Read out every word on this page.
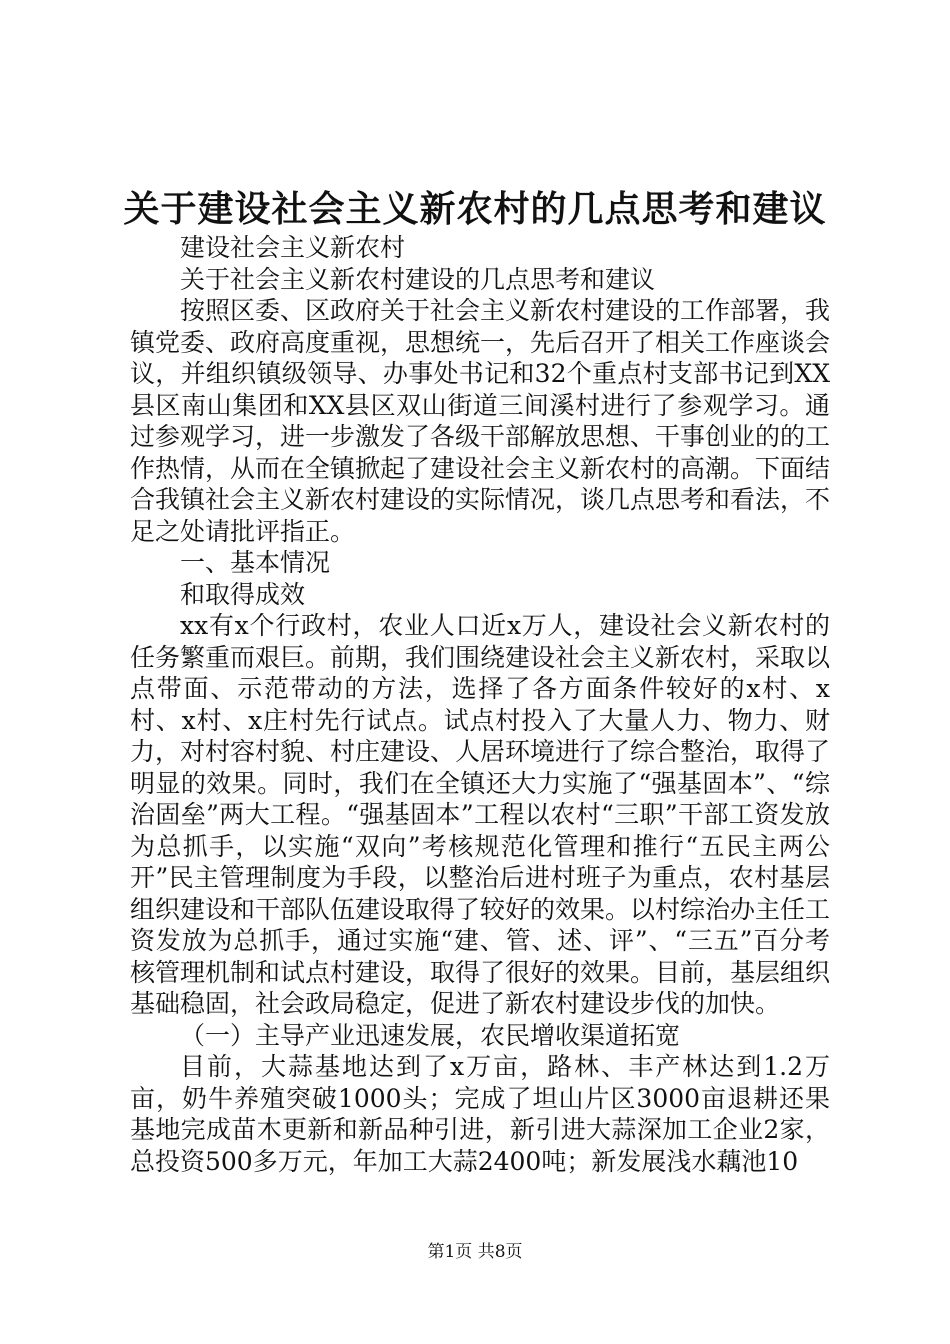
关于建设社会主义新农村的几点思考和建议

建设社会主义新农村

关于社会主义新农村建设的几点思考和建议

按照区委、区政府关于社会主义新农村建设的工作部署，我镇党委、政府高度重视，思想统一，先后召开了相关工作座谈会议，并组织镇级领导、办事处书记和32个重点村支部书记到XX县区南山集团和XX县区双山街道三间溪村进行了参观学习。通过参观学习，进一步激发了各级干部解放思想、干事创业的的工作热情，从而在全镇掀起了建设社会主义新农村的高潮。下面结合我镇社会主义新农村建设的实际情况，谈几点思考和看法，不足之处请批评指正。

一、基本情况

和取得成效

xx有x个行政村，农业人口近x万人，建设社会义新农村的任务繁重而艰巨。前期，我们围绕建设社会主义新农村，采取以点带面、示范带动的方法，选择了各方面条件较好的x村、x村、x村、x庄村先行试点。试点村投入了大量人力、物力、财力，对村容村貌、村庄建设、人居环境进行了综合整治，取得了明显的效果。同时，我们在全镇还大力实施了“强基固本”、“综治固垒”两大工程。“强基固本”工程以农村“三职”干部工资发放为总抓手，以实施“双向”考核规范化管理和推行“五民主两公开”民主管理制度为手段，以整治后进村班子为重点，农村基层组织建设和干部队伍建设取得了较好的效果。以村综治办主任工资发放为总抓手，通过实施“建、管、述、评”、“三五”百分考核管理机制和试点村建设，取得了很好的效果。目前，基层组织基础稳固，社会政局稳定，促进了新农村建设步伐的加快。

（一）主导产业迅速发展，农民增收渠道拓宽

目前，大蒜基地达到了x万亩，路林、丰产林达到1.2万亩，奶牛养殖突破1000头；完成了坦山片区3000亩退耕还果基地完成苗木更新和新品种引进，新引进大蒜深加工企业2家，总投资500多万元，年加工大蒜2400吨；新发展浅水藕池10

第1页 共8页
